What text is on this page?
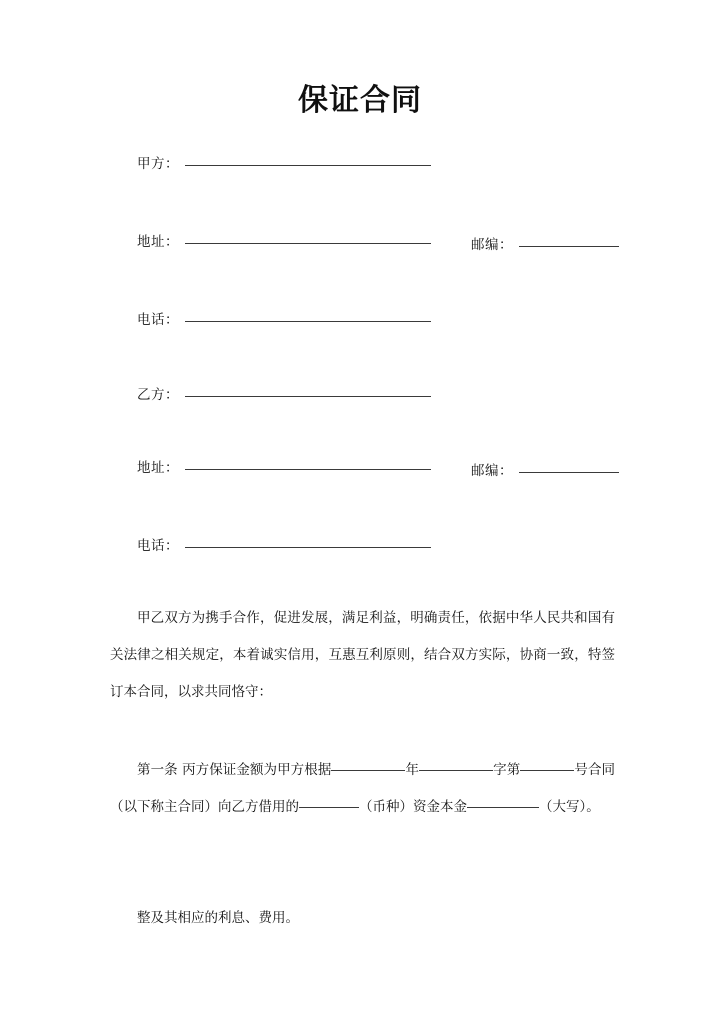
保证合同
甲方：
地址：	邮编：
电话：
乙方：
地址：	邮编：
电话：

甲乙双方为携手合作，促进发展，满足利益，明确责任，依据中华人民共和国有关法律之相关规定，本着诚实信用，互惠互利原则，结合双方实际，协商一致，特签订本合同，以求共同恪守：

第一条 丙方保证金额为甲方根据	年	字第	号合同（以下称主合同）向乙方借用的	（币种）资金本金	（大写）。

整及其相应的利息、费用。
